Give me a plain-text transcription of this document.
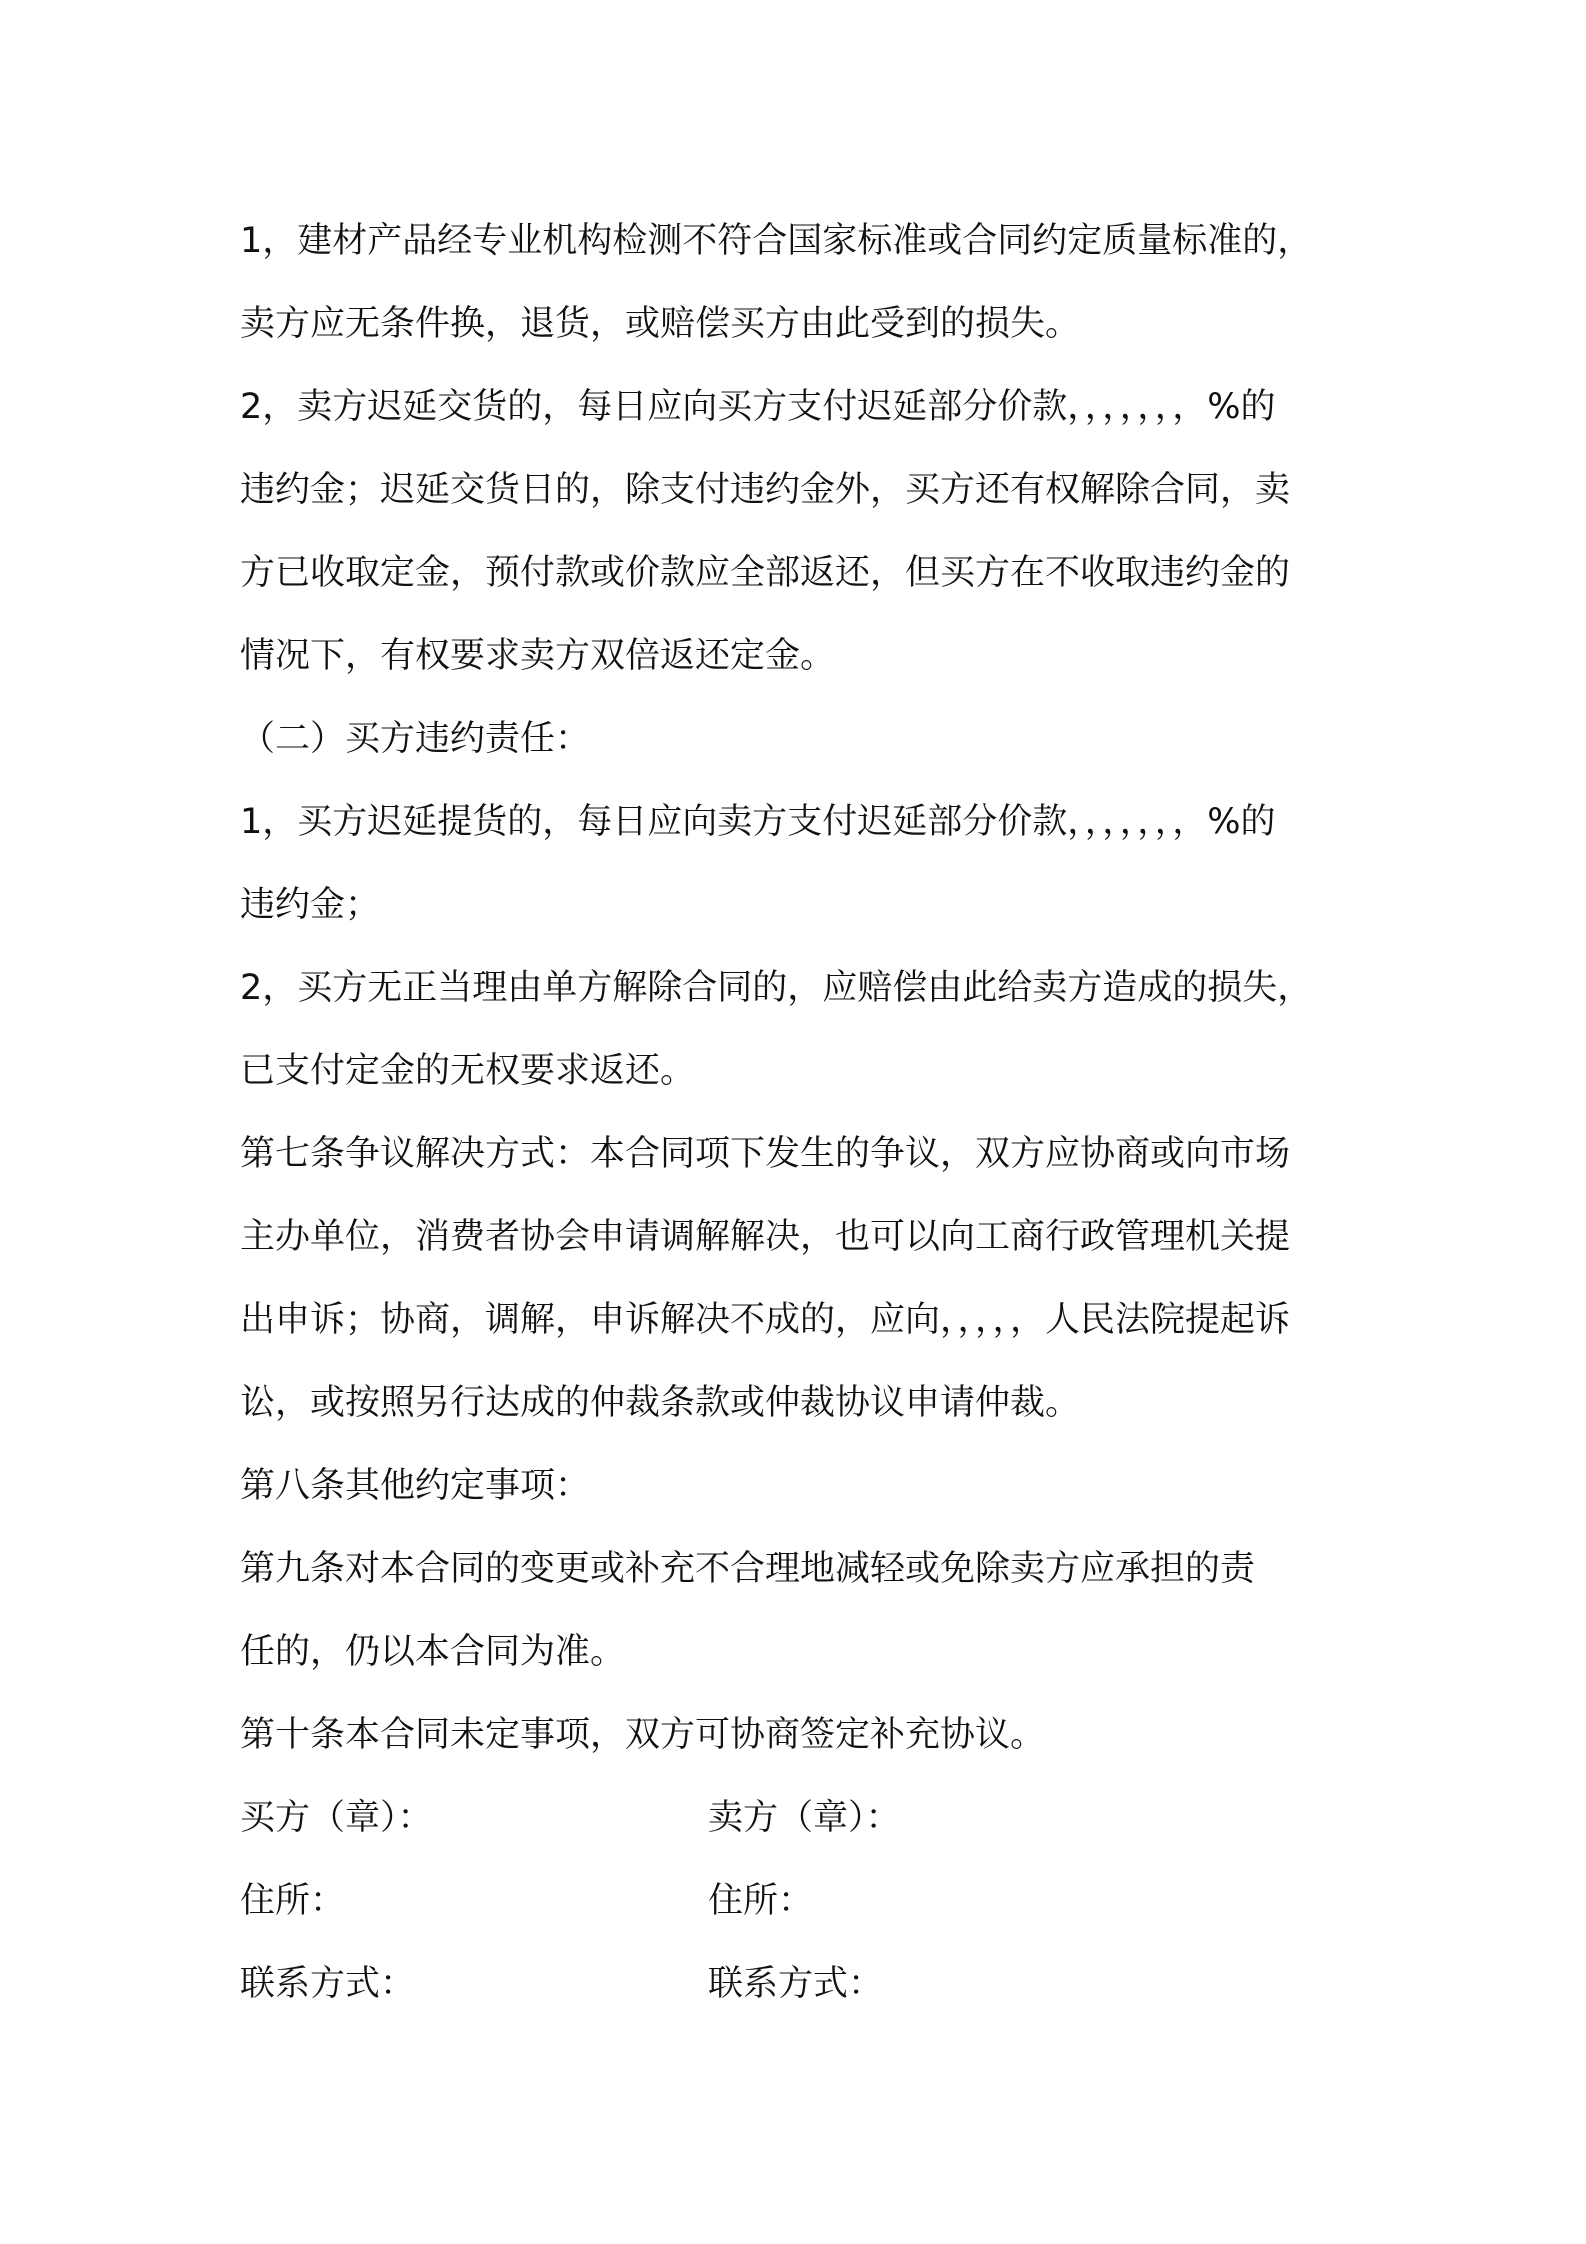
1，建材产品经专业机构检测不符合国家标准或合同约定质量标准的，
卖方应无条件换，退货，或赔偿买方由此受到的损失。
2，卖方迟延交货的，每日应向买方支付迟延部分价款，，，，，，，%的
违约金；迟延交货日的，除支付违约金外，买方还有权解除合同，卖
方已收取定金，预付款或价款应全部返还，但买方在不收取违约金的
情况下，有权要求卖方双倍返还定金。
（二）买方违约责任：
1，买方迟延提货的，每日应向卖方支付迟延部分价款，，，，，，，%的
违约金；
2，买方无正当理由单方解除合同的，应赔偿由此给卖方造成的损失，
已支付定金的无权要求返还。
第七条争议解决方式：本合同项下发生的争议，双方应协商或向市场
主办单位，消费者协会申请调解解决，也可以向工商行政管理机关提
出申诉；协商，调解，申诉解决不成的，应向，，，，，人民法院提起诉
讼，或按照另行达成的仲裁条款或仲裁协议申请仲裁。
第八条其他约定事项：
第九条对本合同的变更或补充不合理地减轻或免除卖方应承担的责
任的，仍以本合同为准。
第十条本合同未定事项，双方可协商签定补充协议。
买方（章）：	卖方（章）：
住所：	住所：
联系方式：	联系方式：
